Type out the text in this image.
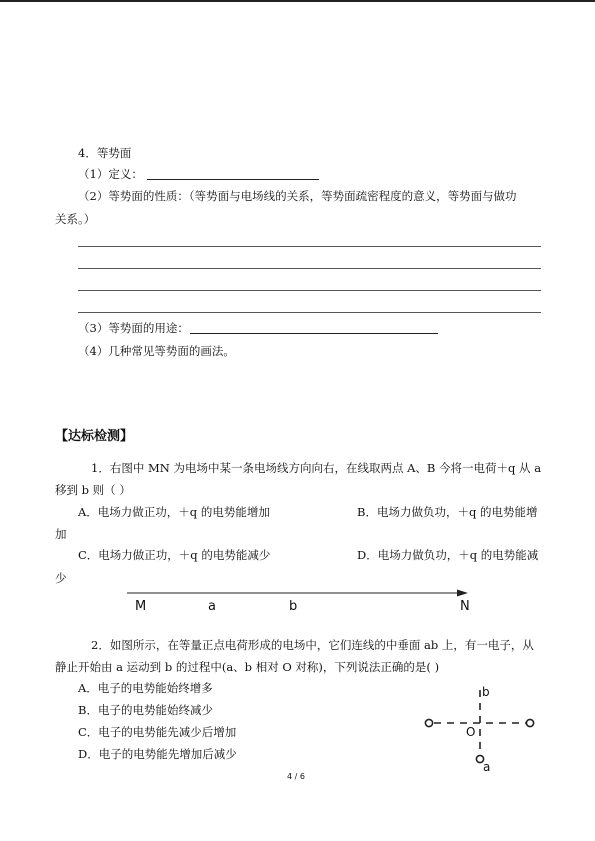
4．等势面
（1）定义：
（2）等势面的性质：（等势面与电场线的关系，等势面疏密程度的意义，等势面与做功
关系。）
（3）等势面的用途：
（4）几种常见等势面的画法。
【达标检测】
1．右图中 MN 为电场中某一条电场线方向向右，在线取两点 A、B 今将一电荷＋q 从 a
移到 b 则（ ）
A．电场力做正功，＋q 的电势能增加	B．电场力做负功，＋q 的电势能增
加
C．电场力做正功，＋q 的电势能减少	D．电场力做负功，＋q 的电势能减
少
M	a	b	N
2．如图所示，在等量正点电荷形成的电场中，它们连线的中垂面 ab 上，有一电子，从
静止开始由 a 运动到 b 的过程中(a、b 相对 O 对称)，下列说法正确的是( )
A．电子的电势能始终增多
B．电子的电势能始终减少
C．电子的电势能先减少后增加
D．电子的电势能先增加后减少
b
O
a
4 / 6
